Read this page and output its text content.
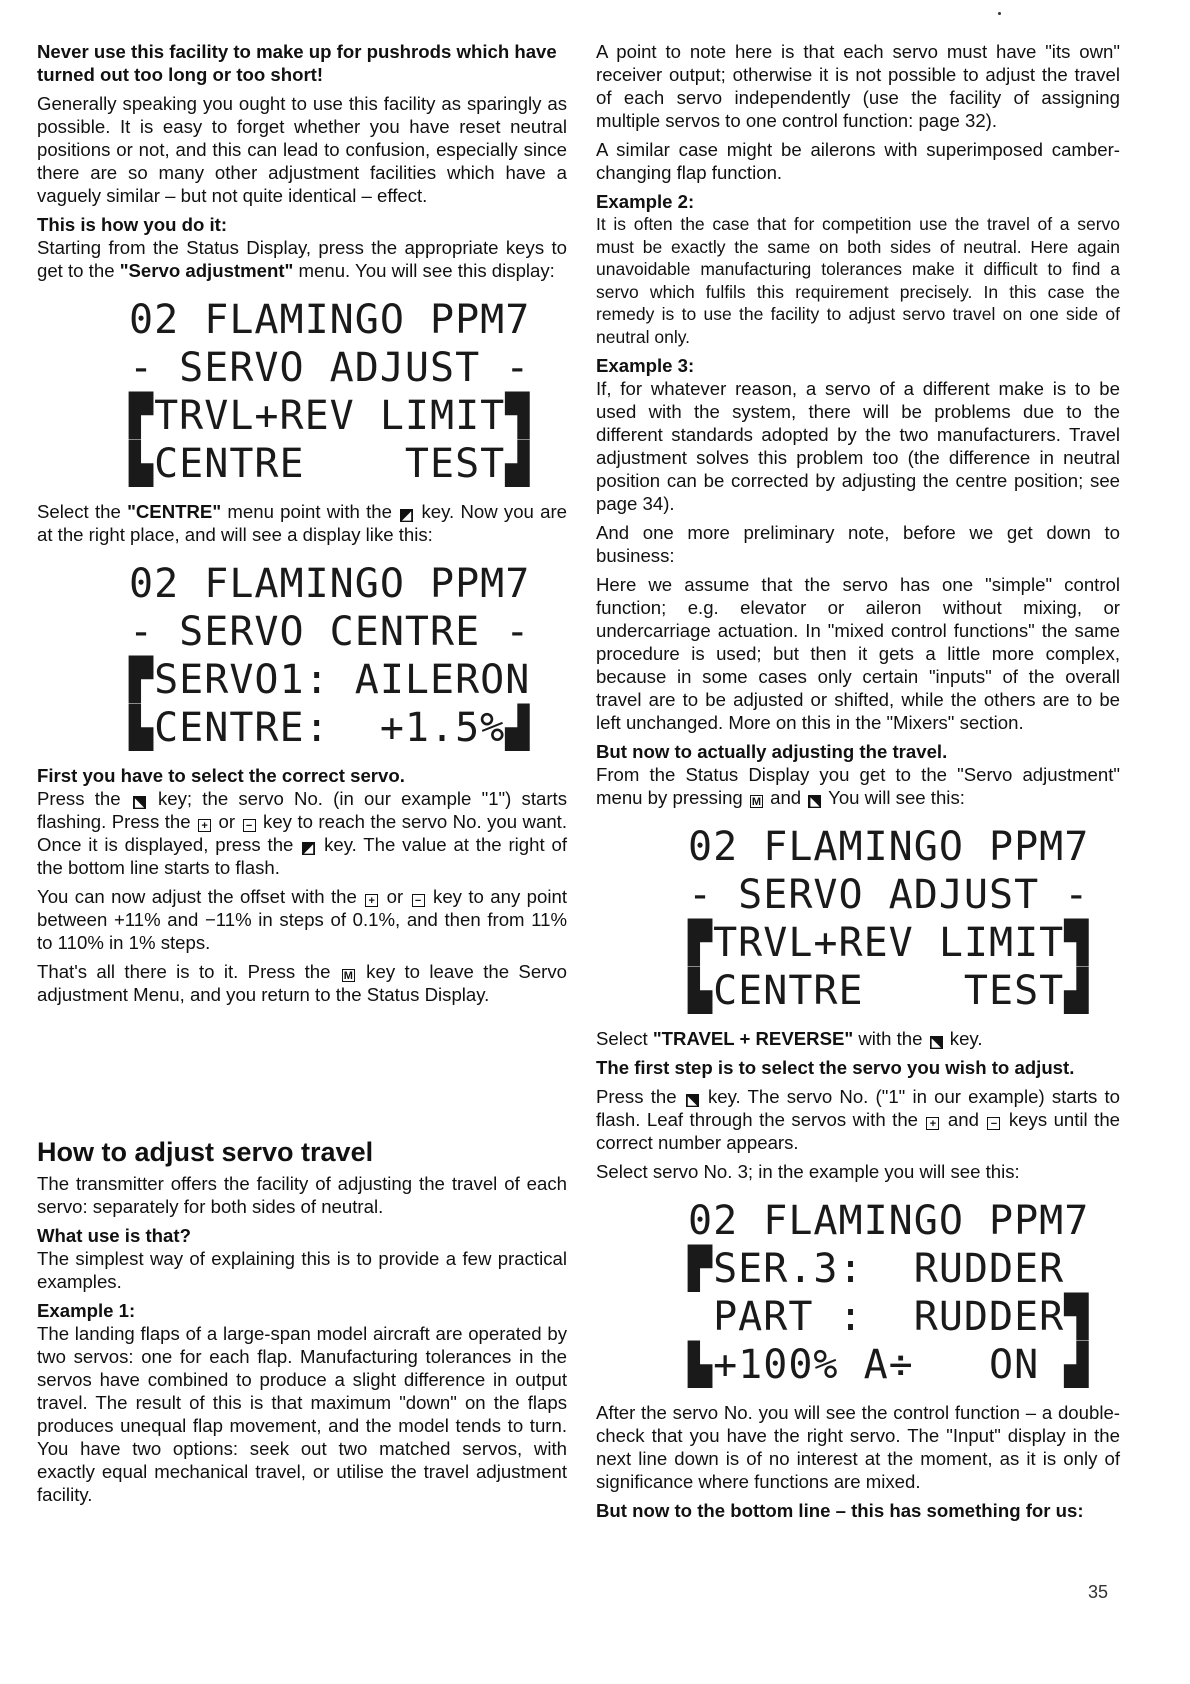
Never use this facility to make up for pushrods which have turned out too long or too short!

Generally speaking you ought to use this facility as sparingly as possible. It is easy to forget whether you have reset neutral positions or not, and this can lead to confusion, especially since there are so many other adjustment facilities which have a vaguely similar – but not quite identical – effect.

This is how you do it:

Starting from the Status Display, press the appropriate keys to get to the "Servo adjustment" menu. You will see this display:

02 FLAMINGO PPM7
- SERVO ADJUST -
▛TRVL+REV LIMIT▜
▙CENTRE    TEST▟

Select the "CENTRE" menu point with the ◢ key. Now you are at the right place, and will see a display like this:

02 FLAMINGO PPM7
- SERVO CENTRE -
▛SERVO1: AILERON
▙CENTRE:  +1.5%▟

First you have to select the correct servo.

Press the ◣ key; the servo No. (in our example "1") starts flashing. Press the + or − key to reach the servo No. you want. Once it is displayed, press the ◢ key. The value at the right of the bottom line starts to flash.

You can now adjust the offset with the + or − key to any point between +11% and −11% in steps of 0.1%, and then from 11% to 110% in 1% steps.

That's all there is to it. Press the M key to leave the Servo adjustment Menu, and you return to the Status Display.

How to adjust servo travel

The transmitter offers the facility of adjusting the travel of each servo: separately for both sides of neutral.

What use is that?

The simplest way of explaining this is to provide a few practical examples.

Example 1:

The landing flaps of a large-span model aircraft are operated by two servos: one for each flap. Manufacturing tolerances in the servos have combined to produce a slight difference in output travel. The result of this is that maximum "down" on the flaps produces unequal flap movement, and the model tends to turn. You have two options: seek out two matched servos, with exactly equal mechanical travel, or utilise the travel adjustment facility.

A point to note here is that each servo must have "its own" receiver output; otherwise it is not possible to adjust the travel of each servo independently (use the facility of assigning multiple servos to one control function: page 32).

A similar case might be ailerons with superimposed camber-changing flap function.

Example 2:

It is often the case that for competition use the travel of a servo must be exactly the same on both sides of neutral. Here again unavoidable manufacturing tolerances make it difficult to find a servo which fulfils this requirement precisely. In this case the remedy is to use the facility to adjust servo travel on one side of neutral only.

Example 3:

If, for whatever reason, a servo of a different make is to be used with the system, there will be problems due to the different standards adopted by the two manufacturers. Travel adjustment solves this problem too (the difference in neutral position can be corrected by adjusting the centre position; see page 34).

And one more preliminary note, before we get down to business:

Here we assume that the servo has one "simple" control function; e.g. elevator or aileron without mixing, or undercarriage actuation. In "mixed control functions" the same procedure is used; but then it gets a little more complex, because in some cases only certain "inputs" of the overall travel are to be adjusted or shifted, while the others are to be left unchanged. More on this in the "Mixers" section.

But now to actually adjusting the travel.

From the Status Display you get to the "Servo adjustment" menu by pressing M and ◣ You will see this:

02 FLAMINGO PPM7
- SERVO ADJUST -
▛TRVL+REV LIMIT▜
▙CENTRE    TEST▟

Select "TRAVEL + REVERSE" with the ◣ key.

The first step is to select the servo you wish to adjust.

Press the ◣ key. The servo No. ("1" in our example) starts to flash. Leaf through the servos with the + and − keys until the correct number appears.

Select servo No. 3; in the example you will see this:

02 FLAMINGO PPM7
▛SER.3:  RUDDER
PART :  RUDDER▜
▙+100% A÷   ON ▟

After the servo No. you will see the control function – a double-check that you have the right servo. The "Input" display in the next line down is of no interest at the moment, as it is only of significance where functions are mixed.

But now to the bottom line – this has something for us:

35
